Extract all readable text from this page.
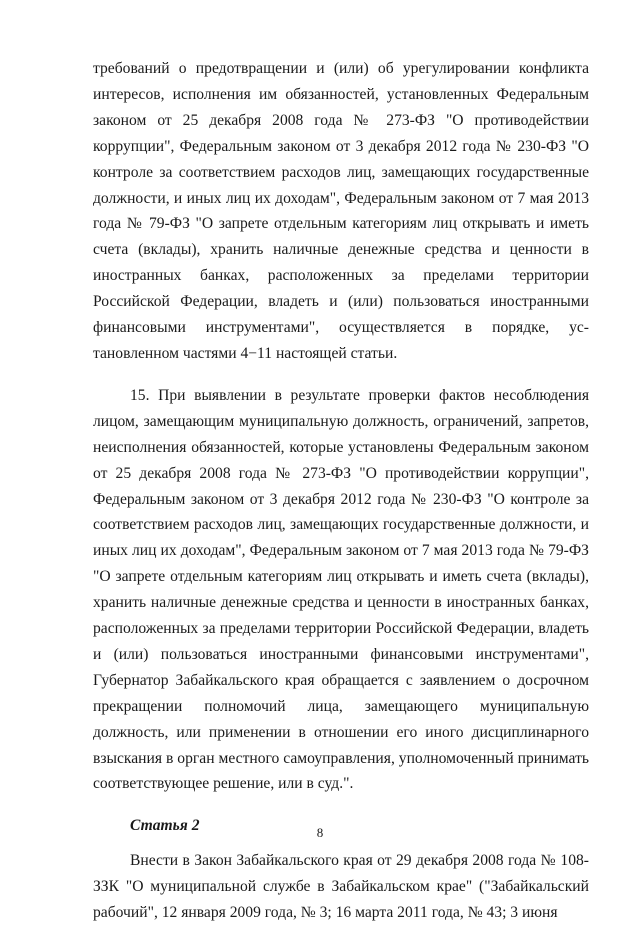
требований о предотвращении и (или) об урегулировании конфликта интересов, исполнения им обязанностей, установленных Федеральным законом от 25 декабря 2008 года № 273-ФЗ "О противодействии коррупции", Федеральным законом от 3 декабря 2012 года № 230-ФЗ "О контроле за соответствием расходов лиц, замещающих государственные должности, и иных лиц их доходам", Федеральным законом от 7 мая 2013 года № 79-ФЗ "О запрете отдельным категориям лиц открывать и иметь счета (вклады), хранить наличные денежные средства и ценности в иностранных банках, расположенных за пределами территории Российской Федерации, владеть и (или) пользоваться иностранными финансовыми инструментами", осуществляется в порядке, установленном частями 4−11 настоящей статьи.

15. При выявлении в результате проверки фактов несоблюдения лицом, замещающим муниципальную должность, ограничений, запретов, неисполнения обязанностей, которые установлены Федеральным законом от 25 декабря 2008 года № 273-ФЗ "О противодействии коррупции", Федеральным законом от 3 декабря 2012 года № 230-ФЗ "О контроле за соответствием расходов лиц, замещающих государственные должности, и иных лиц их доходам", Федеральным законом от 7 мая 2013 года № 79-ФЗ "О запрете отдельным категориям лиц открывать и иметь счета (вклады), хранить наличные денежные средства и ценности в иностранных банках, расположенных за пределами территории Российской Федерации, владеть и (или) пользоваться иностранными финансовыми инструментами", Губернатор Забайкальского края обращается с заявлением о досрочном прекращении полномочий лица, замещающего муниципальную должность, или применении в отношении его иного дисциплинарного взыскания в орган местного самоуправления, уполномоченный принимать соответствующее решение, или в суд.".

Статья 2

Внести в Закон Забайкальского края от 29 декабря 2008 года № 108-ЗЗК "О муниципальной службе в Забайкальском крае" ("Забайкальский рабочий", 12 января 2009 года, № 3; 16 марта 2011 года, № 43; 3 июня

8
